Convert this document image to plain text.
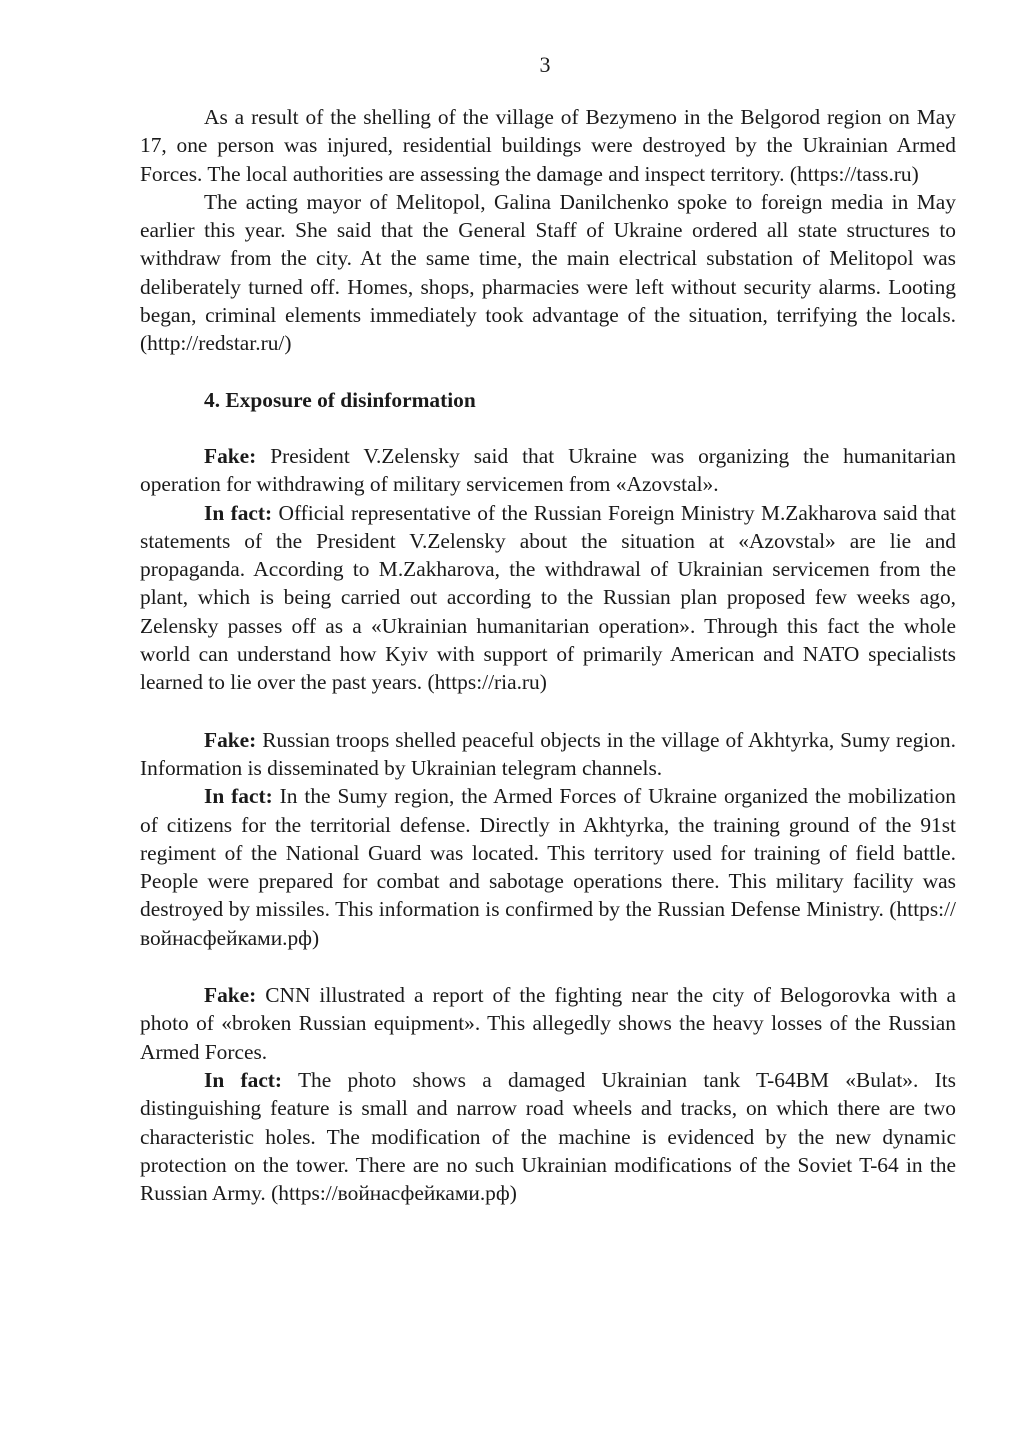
3

As a result of the shelling of the village of Bezymeno in the Belgorod region on May 17, one person was injured, residential buildings were destroyed by the Ukrainian Armed Forces. The local authorities are assessing the damage and inspect territory. (https://tass.ru)

The acting mayor of Melitopol, Galina Danilchenko spoke to foreign media in May earlier this year. She said that the General Staff of Ukraine ordered all state structures to withdraw from the city. At the same time, the main electrical substation of Melitopol was deliberately turned off. Homes, shops, pharmacies were left without security alarms. Looting began, criminal elements immediately took advantage of the situation, terrifying the locals. (http://redstar.ru/)

4. Exposure of disinformation

Fake: President V.Zelensky said that Ukraine was organizing the humanitarian operation for withdrawing of military servicemen from «Azovstal».

In fact: Official representative of the Russian Foreign Ministry M.Zakharova said that statements of the President V.Zelensky about the situation at «Azovstal» are lie and propaganda. According to M.Zakharova, the withdrawal of Ukrainian servicemen from the plant, which is being carried out according to the Russian plan proposed few weeks ago, Zelensky passes off as a «Ukrainian humanitarian operation». Through this fact the whole world can understand how Kyiv with support of primarily American and NATO specialists learned to lie over the past years. (https://ria.ru)

Fake: Russian troops shelled peaceful objects in the village of Akhtyrka, Sumy region. Information is disseminated by Ukrainian telegram channels.

In fact: In the Sumy region, the Armed Forces of Ukraine organized the mobilization of citizens for the territorial defense. Directly in Akhtyrka, the training ground of the 91st regiment of the National Guard was located. This territory used for training of field battle. People were prepared for combat and sabotage operations there. This military facility was destroyed by missiles. This information is confirmed by the Russian Defense Ministry. (https://войнасфейками.рф)

Fake: CNN illustrated a report of the fighting near the city of Belogorovka with a photo of «broken Russian equipment». This allegedly shows the heavy losses of the Russian Armed Forces.

In fact: The photo shows a damaged Ukrainian tank T-64BM «Bulat». Its distinguishing feature is small and narrow road wheels and tracks, on which there are two characteristic holes. The modification of the machine is evidenced by the new dynamic protection on the tower. There are no such Ukrainian modifications of the Soviet T-64 in the Russian Army. (https://войнасфейками.рф)
